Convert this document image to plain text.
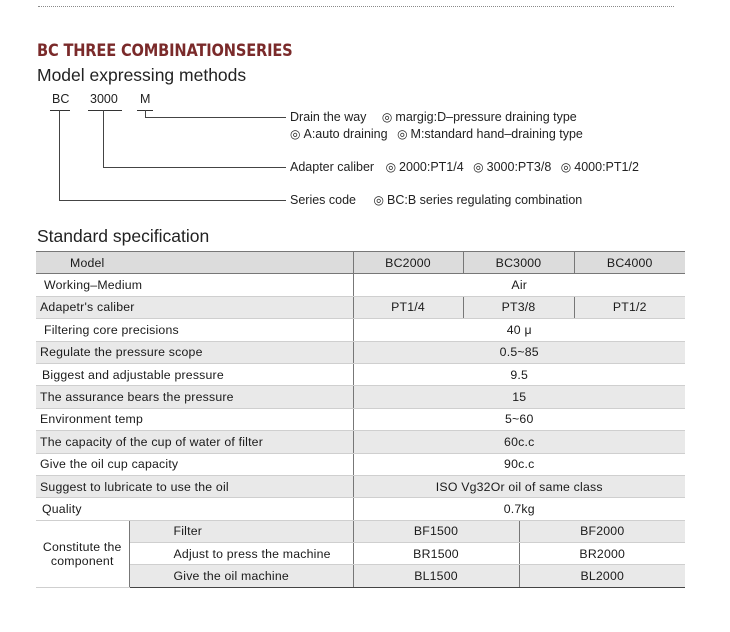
BC THREE COMBINATIONSERIES
Model expressing methods
BC 3000 M
Drain the way ◎ margig:D–pressure draining type
◎ A:auto draining ◎ M:standard hand–draining type
Adapter caliber ◎ 2000:PT1/4 ◎ 3000:PT3/8 ◎ 4000:PT1/2
Series code ◎ BC:B series regulating combination
Standard specification
Model		BC2000	BC3000		BC4000
Working–Medium		Air			
Adapetr's caliber		PT1/4	PT3/8		PT1/2
Filtering core precisions		40 μ			
Regulate the pressure scope		0.5~85			
Biggest and adjustable pressure		9.5			
The assurance bears the pressure		15			
Environment temp		5~60			
The capacity of the cup of water of filter		60c.c			
Give the oil cup capacity		90c.c			
Suggest to lubricate to use the oil		ISO Vg32Or oil of same class			
Quality		0.7kg			
Constitute the component	Filter	BF1500		BF2000	
	Adjust to press the machine	BR1500		BR2000	
	Give the oil machine	BL1500		BL2000	
